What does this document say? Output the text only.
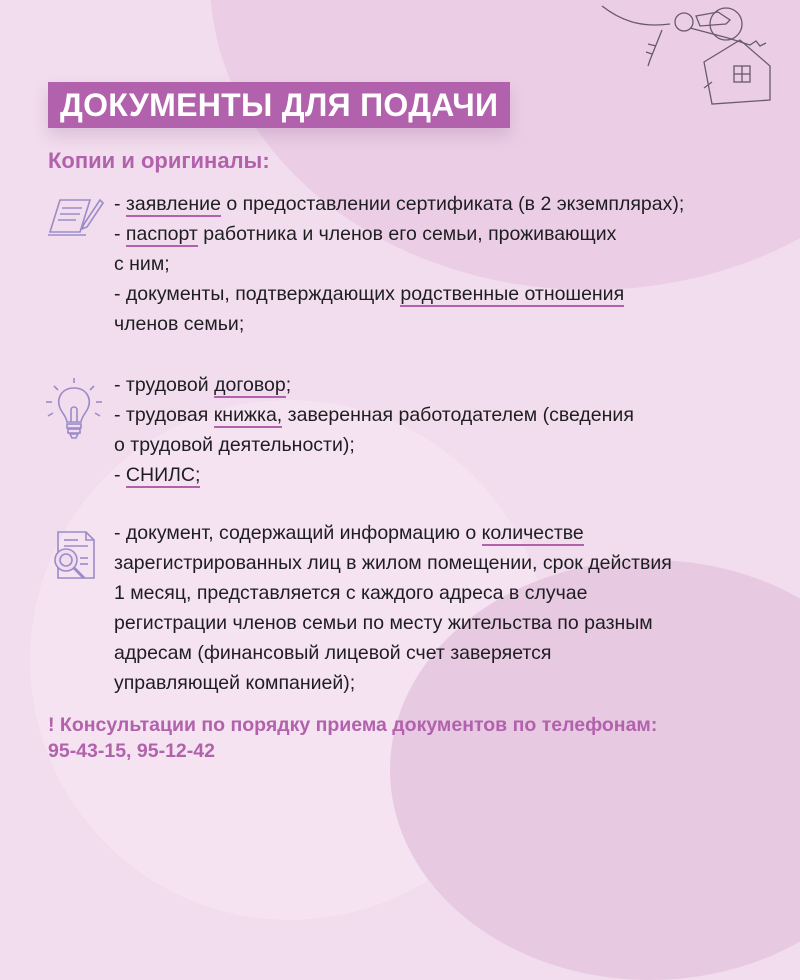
ДОКУМЕНТЫ ДЛЯ ПОДАЧИ
Копии и оригиналы:
- заявление о предоставлении сертификата (в 2 экземплярах);
- паспорт работника и членов его семьи, проживающих
с ним;
- документы, подтверждающих родственные отношения
членов семьи;
- трудовой договор;
- трудовая книжка, заверенная работодателем (сведения
о трудовой деятельности);
- СНИЛС;
- документ, содержащий информацию о количестве
зарегистрированных лиц в жилом помещении, срок действия
1 месяц, представляется с каждого адреса в случае
регистрации членов семьи по месту жительства по разным
адресам (финансовый лицевой счет заверяется
управляющей компанией);
! Консультации по порядку приема документов по телефонам:
95-43-15, 95-12-42
